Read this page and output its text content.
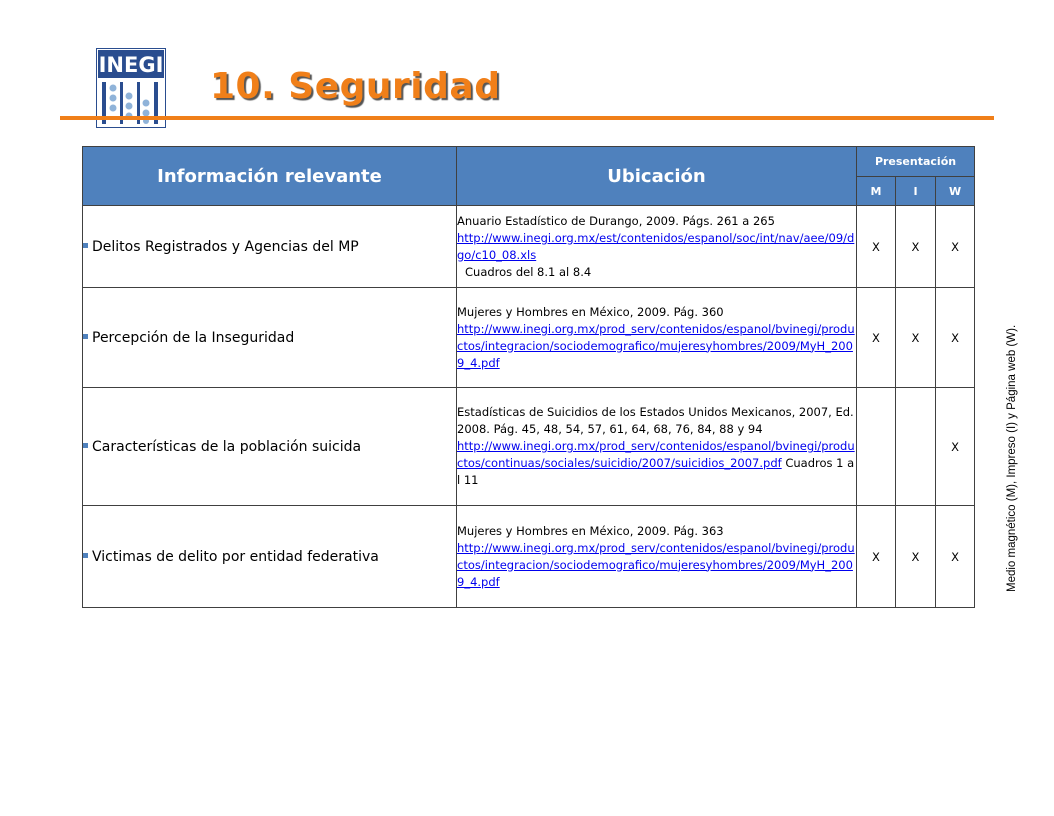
INEGI
10. Seguridad
Información relevante	Ubicación	Presentación		
		M	I	W
Delitos Registrados y Agencias del MP	Anuario Estadístico de Durango, 2009. Págs. 261 a 265
http://www.inegi.org.mx/est/contenidos/espanol/soc/int/nav/aee/09/dgo/c10_08.xls
Cuadros del 8.1 al 8.4	X	X	X
Percepción de la Inseguridad	Mujeres y Hombres en México, 2009. Pág. 360
http://www.inegi.org.mx/prod_serv/contenidos/espanol/bvinegi/productos/integracion/sociodemografico/mujeresyhombres/2009/MyH_2009_4.pdf	X	X	X
Características de la población suicida	Estadísticas de Suicidios de los Estados Unidos Mexicanos, 2007, Ed. 2008. Pág. 45, 48, 54, 57, 61, 64, 68, 76, 84, 88 y 94
http://www.inegi.org.mx/prod_serv/contenidos/espanol/bvinegi/productos/continuas/sociales/suicidio/2007/suicidios_2007.pdf Cuadros 1 al 11			X
Victimas de delito por entidad federativa	Mujeres y Hombres en México, 2009. Pág. 363
http://www.inegi.org.mx/prod_serv/contenidos/espanol/bvinegi/productos/integracion/sociodemografico/mujeresyhombres/2009/MyH_2009_4.pdf	X	X	X	Medio magnético (M), Impreso (I) y Página web (W).
